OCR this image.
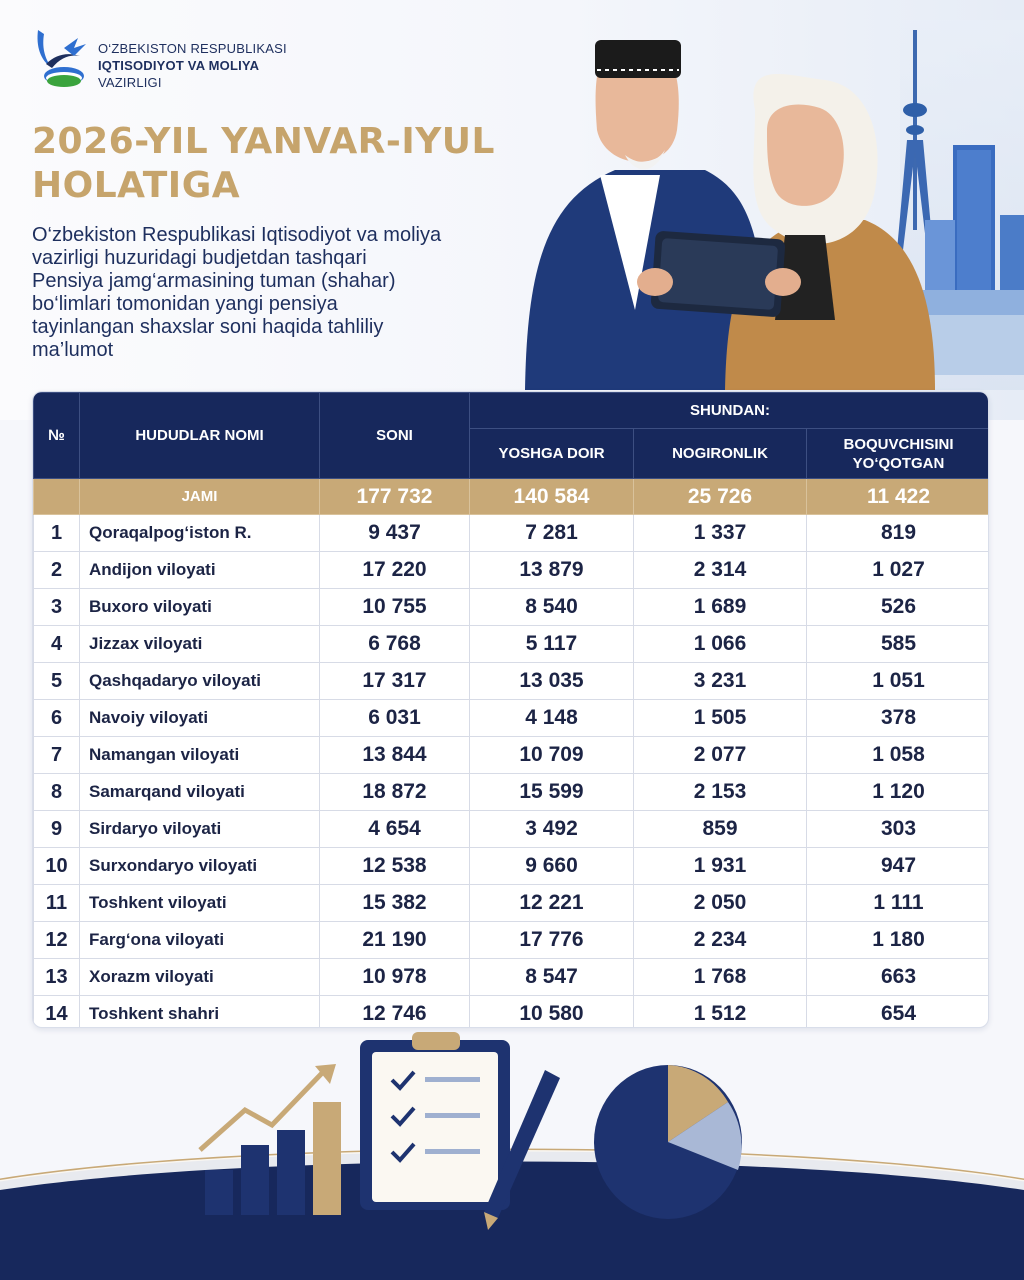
O‘ZBEKISTON RESPUBLIKASI
IQTISODIYOT VA MOLIYA
VAZIRLIGI
2026-YIL YANVAR-IYUL
HOLATIGA
O‘zbekiston Respublikasi Iqtisodiyot va moliya
vazirligi huzuridagi budjetdan tashqari
Pensiya jamg‘armasining tuman (shahar)
bo‘limlari tomonidan yangi pensiya
tayinlangan shaxslar soni haqida tahliliy
ma’lumot
№	HUDUDLAR NOMI	SONI	SHUNDAN:		
			YOSHGA DOIR	NOGIRONLIK	BOQUVCHISINI
YO‘QOTGAN

	JAMI	177 732	140 584	25 726	11 422
1	Qoraqalpog‘iston R.	9 437	7 281	1 337	819
2	Andijon viloyati	17 220	13 879	2 314	1 027
3	Buxoro viloyati	10 755	8 540	1 689	526
4	Jizzax viloyati	6 768	5 117	1 066	585
5	Qashqadaryo viloyati	17 317	13 035	3 231	1 051
6	Navoiy viloyati	6 031	4 148	1 505	378
7	Namangan viloyati	13 844	10 709	2 077	1 058
8	Samarqand viloyati	18 872	15 599	2 153	1 120
9	Sirdaryo viloyati	4 654	3 492	859	303
10	Surxondaryo viloyati	12 538	9 660	1 931	947
11	Toshkent viloyati	15 382	12 221	2 050	1 111
12	Farg‘ona viloyati	21 190	17 776	2 234	1 180
13	Xorazm viloyati	10 978	8 547	1 768	663
14	Toshkent shahri	12 746	10 580	1 512	654
